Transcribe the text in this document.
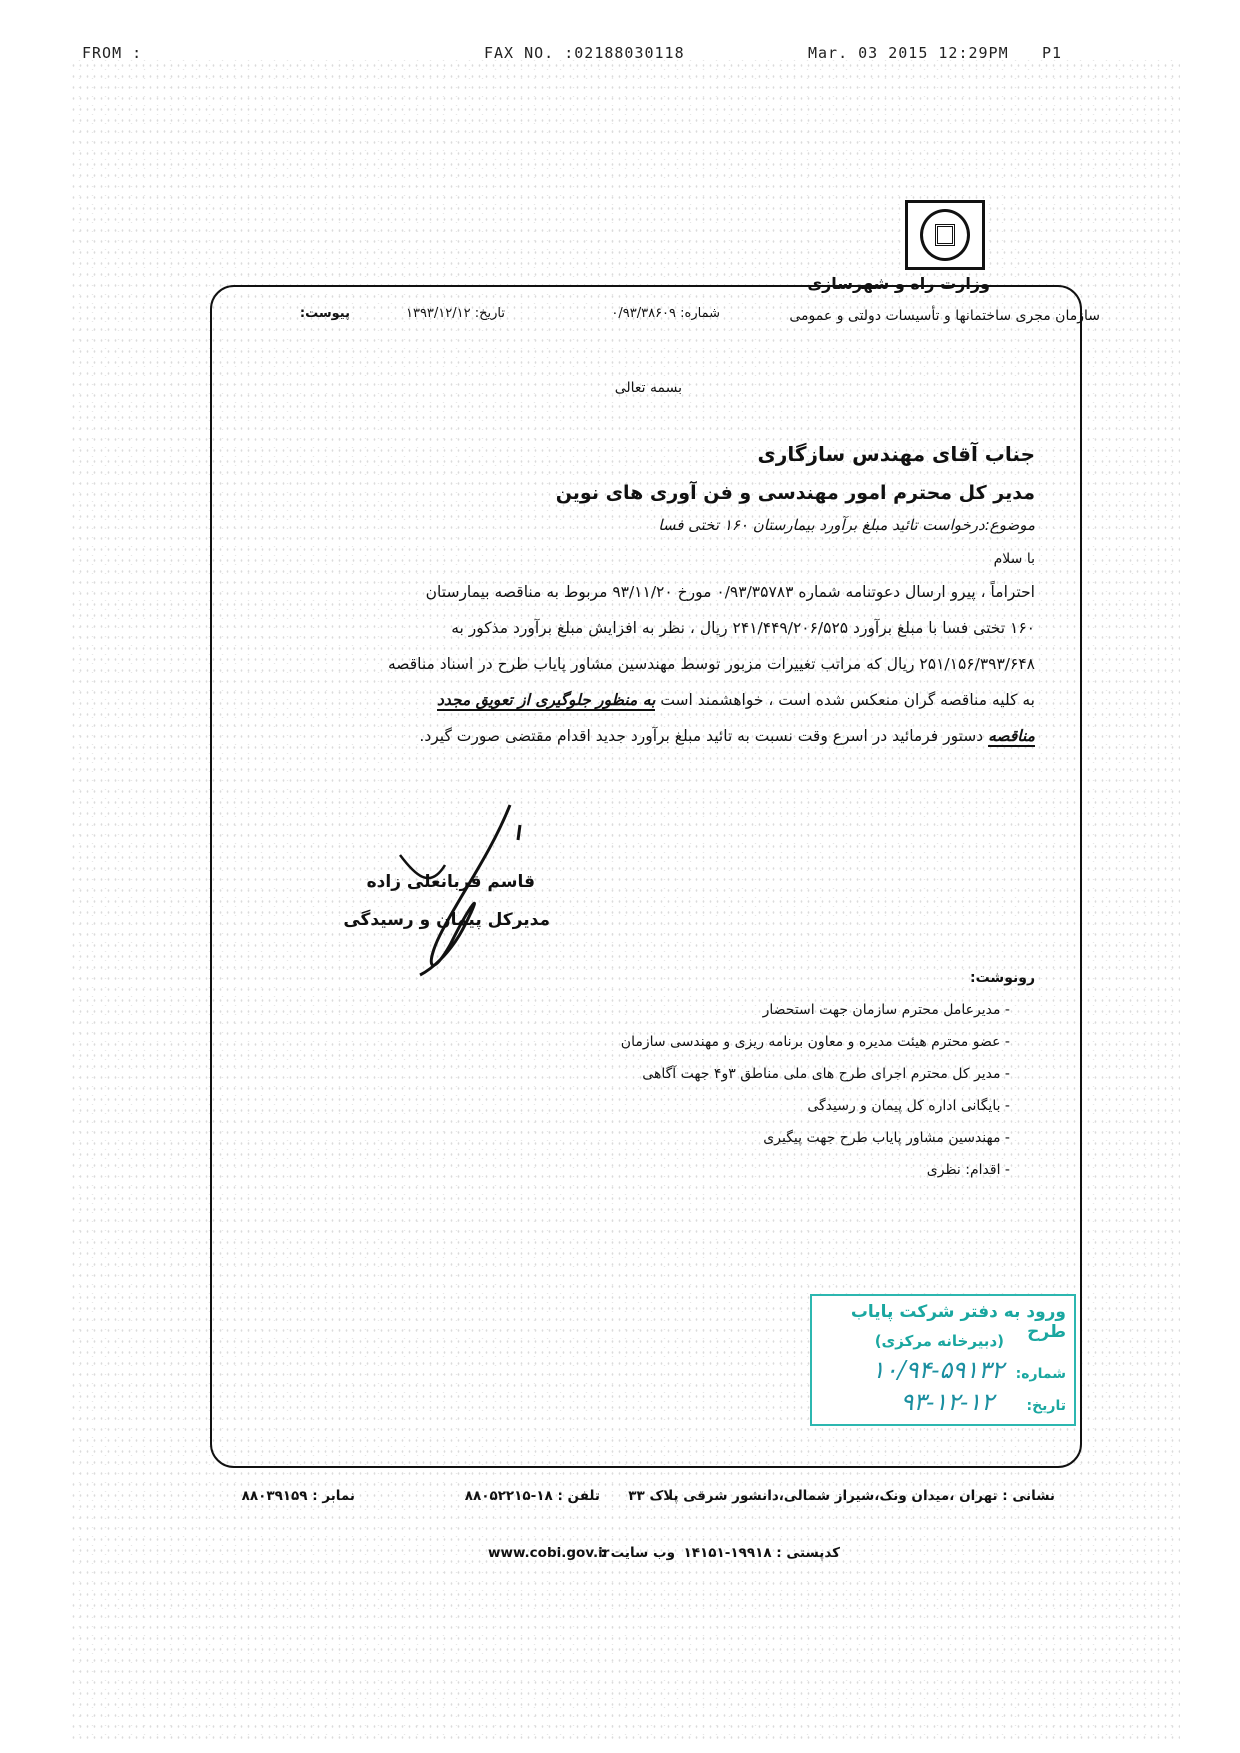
FROM :	FAX NO. :02188030118	Mar. 03 2015 12:29PM P1
وزارت راه و شهرسازی
سازمان مجری ساختمانها و تأسیسات دولتی و عمومی
شماره: ۰/۹۳/۳۸۶۰۹
تاریخ: ۱۳۹۳/۱۲/۱۲
پیوست:
بسمه تعالی
جناب آقای مهندس سازگاری
مدیر کل محترم امور مهندسی و فن آوری های نوین
موضوع:درخواست تائید مبلغ برآورد بیمارستان ۱۶۰ تختی فسا
با سلام
احتراماً ، پیرو ارسال دعوتنامه شماره ۰/۹۳/۳۵۷۸۳ مورخ ۹۳/۱۱/۲۰ مربوط به مناقصه بیمارستان
۱۶۰ تختی فسا با مبلغ برآورد ۲۴۱/۴۴۹/۲۰۶/۵۲۵ ریال ، نظر به افزایش مبلغ برآورد مذکور به
۲۵۱/۱۵۶/۳۹۳/۶۴۸ ریال که مراتب تغییرات مزبور توسط مهندسین مشاور پایاب طرح در اسناد مناقصه
به کلیه مناقصه گران منعکس شده است ، خواهشمند است به منظور جلوگیری از تعویق مجدد
مناقصه دستور فرمائید در اسرع وقت نسبت به تائید مبلغ برآورد جدید اقدام مقتضی صورت گیرد.
قاسم قربانعلی زاده
مدیرکل پیمان و رسیدگی
رونوشت:
- مدیرعامل محترم سازمان جهت استحضار
- عضو محترم هیئت مدیره و معاون برنامه ریزی و مهندسی سازمان
- مدیر کل محترم اجرای طرح های ملی مناطق ۳و۴ جهت آگاهی
- بایگانی اداره کل پیمان و رسیدگی
- مهندسین مشاور پایاب طرح جهت پیگیری
- اقدام: نظری
ورود به دفتر شرکت پایاب طرح
(دبیرخانه مرکزی)
شماره:
۱۰/۹۴-۵۹۱۳۲
تاریخ:
۹۳-۱۲-۱۲
نشانی : تهران ،میدان ونک،شیراز شمالی،دانشور شرقی پلاک ۳۳
تلفن : ۱۸-۸۸۰۵۲۲۱۵
نمابر : ۸۸۰۳۹۱۵۹
کدپستی : ۱۹۹۱۸-۱۴۱۵۱
وب سایت :
www.cobi.gov.ir
